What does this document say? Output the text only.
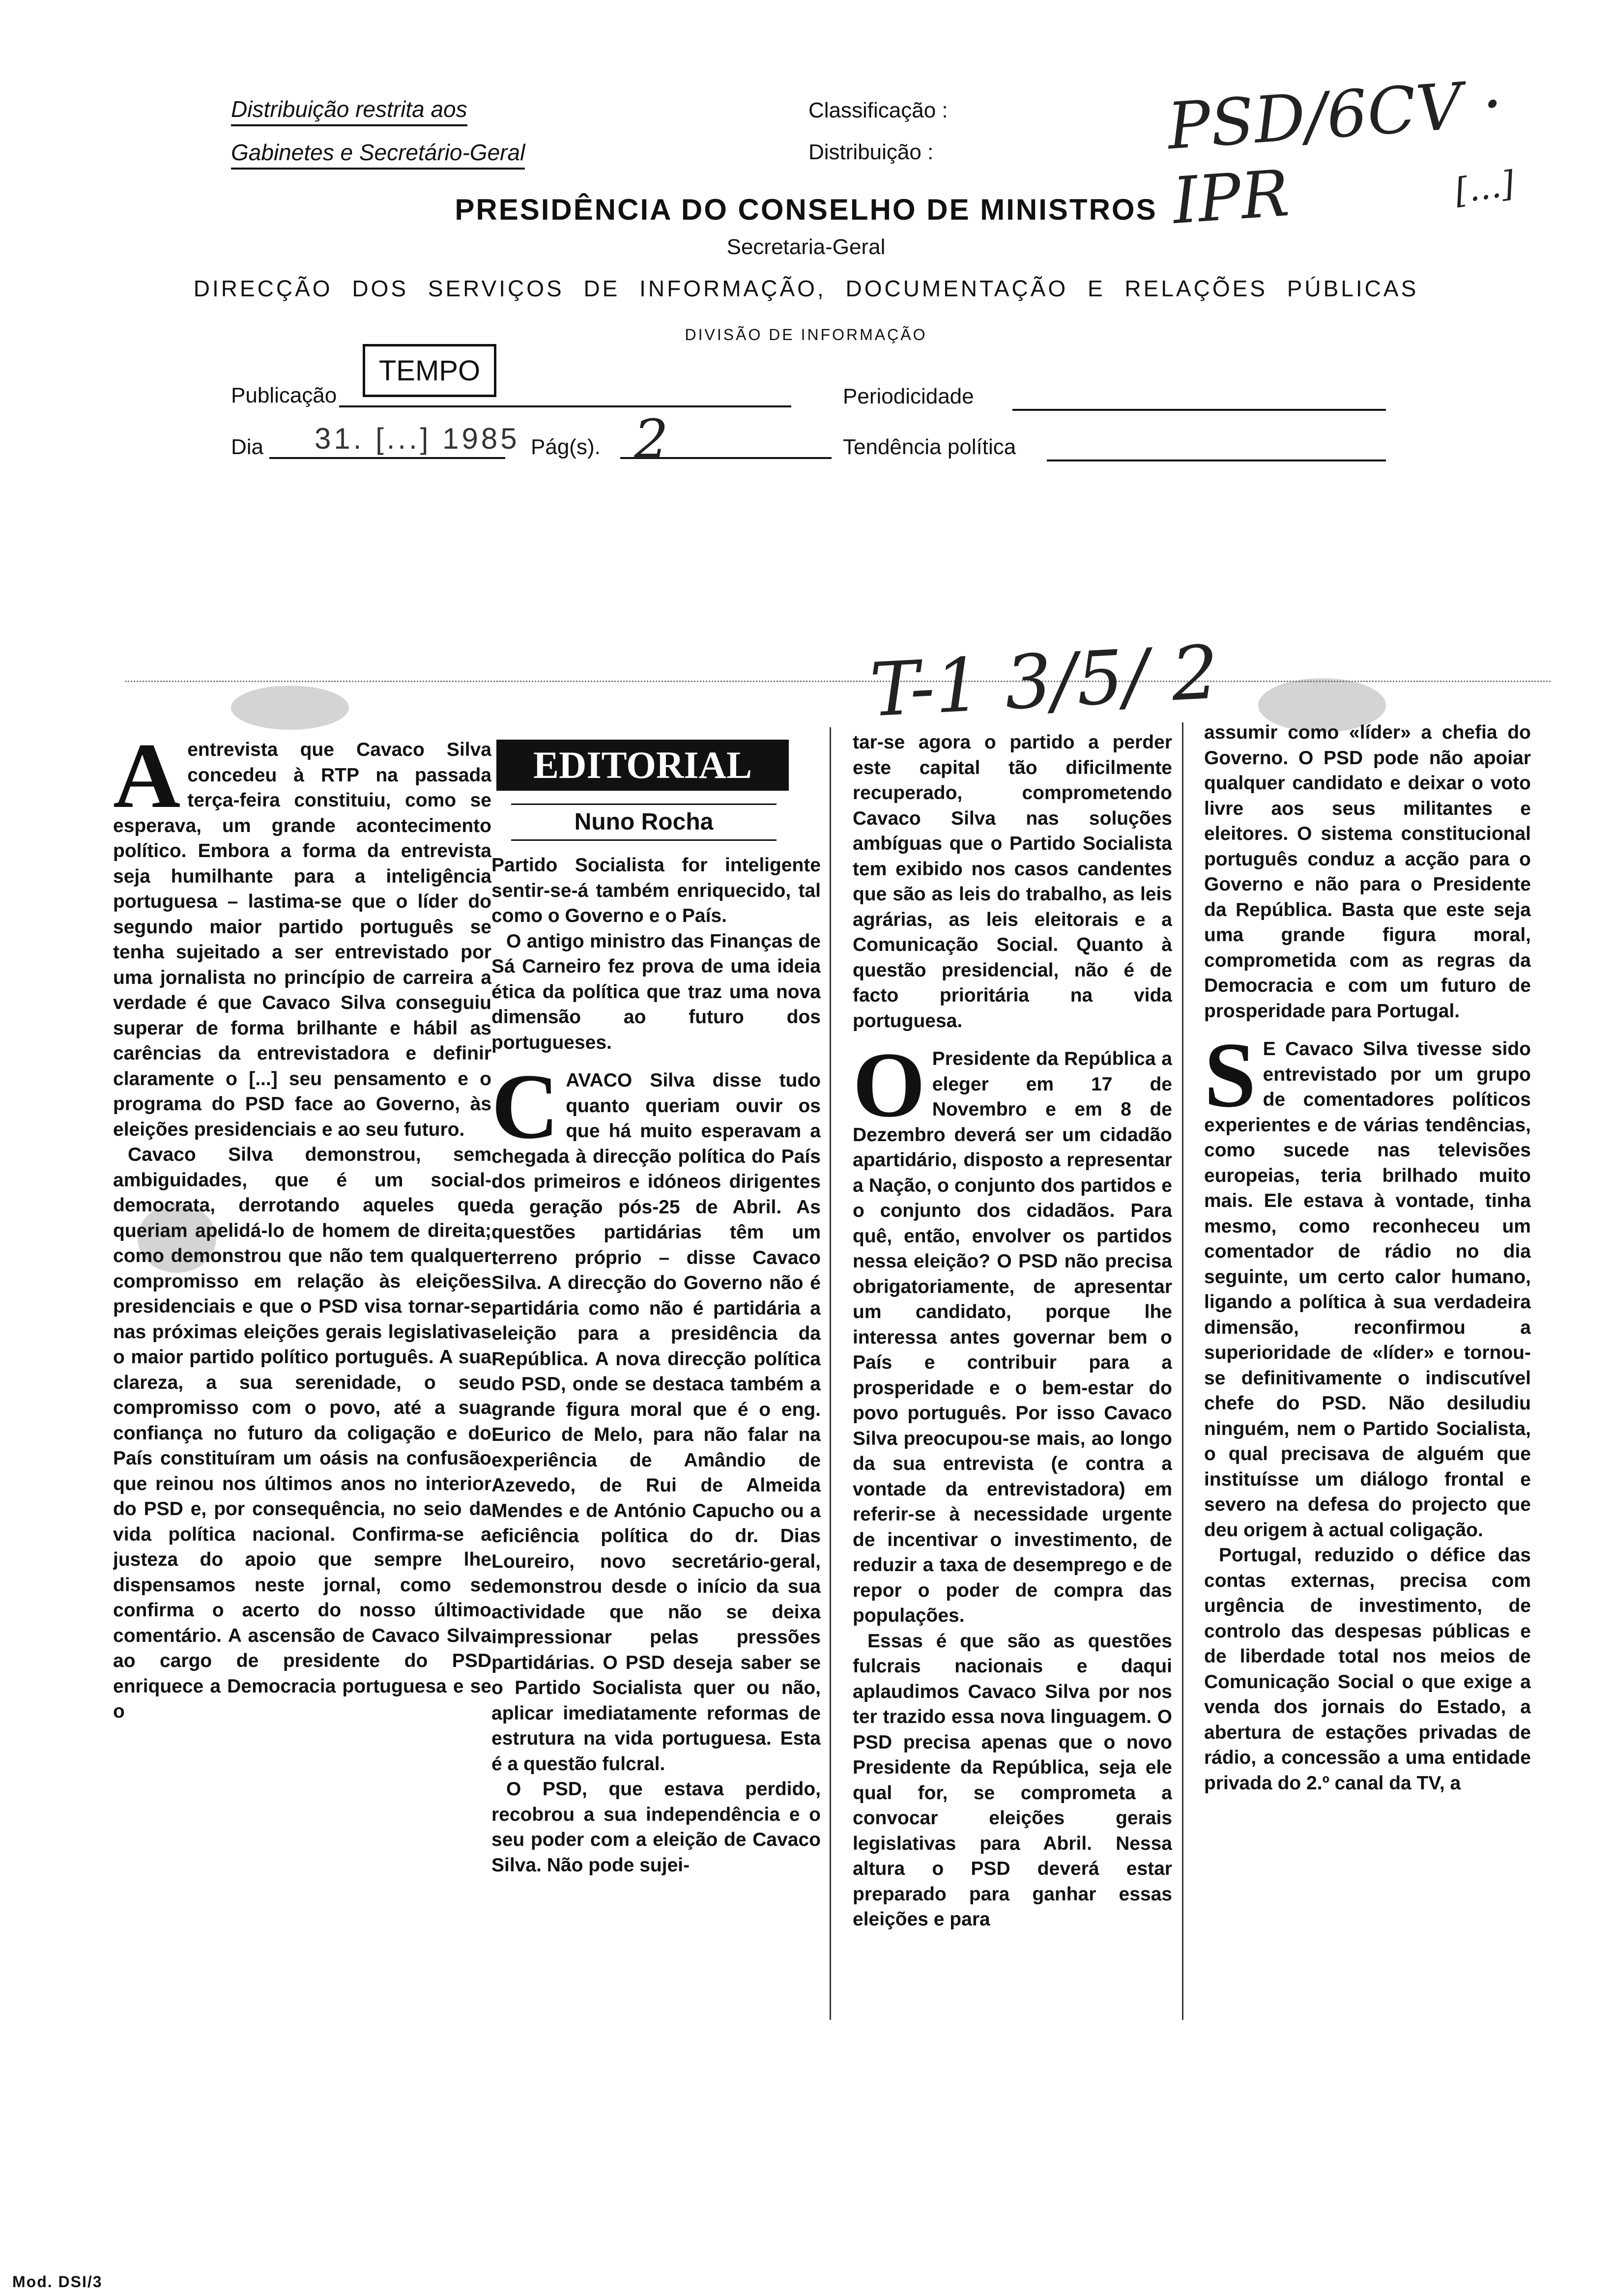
Distribuição restrita aos
Gabinetes e Secretário-Geral
Classificação :
Distribuição :	PSD/6CV · IPR	[...]
PRESIDÊNCIA DO CONSELHO DE MINISTROS
Secretaria-Geral
DIRECÇÃO DOS SERVIÇOS DE INFORMAÇÃO, DOCUMENTAÇÃO E RELAÇÕES PÚBLICAS
DIVISÃO DE INFORMAÇÃO
Publicação
TEMPO
Periodicidade
Dia 31. [...] 1985 Pág(s). 2	Tendência política
T-1 3/5/ 2

Aentrevista que Cavaco Silva concedeu à RTP na passada terça-feira constituiu, como se esperava, um grande acontecimento político. Embora a forma da entrevista seja humilhante para a inteligência portuguesa – lastima-se que o líder do segundo maior partido português se tenha sujeitado a ser entrevistado por uma jornalista no princípio de carreira a verdade é que Cavaco Silva conseguiu superar de forma brilhante e hábil as carências da entrevistadora e definir claramente o [...] seu pensamento e o programa do PSD face ao Governo, às eleições presidenciais e ao seu futuro.

Cavaco Silva demonstrou, sem ambiguidades, que é um social-democrata, derrotando aqueles que queriam apelidá-lo de homem de direita; como demonstrou que não tem qualquer compromisso em relação às eleições presidenciais e que o PSD visa tornar-se nas próximas eleições gerais legislativas o maior partido político português. A sua clareza, a sua serenidade, o seu compromisso com o povo, até a sua confiança no futuro da coligação e do País constituíram um oásis na confusão que reinou nos últimos anos no interior do PSD e, por consequência, no seio da vida política nacional. Confirma-se a justeza do apoio que sempre lhe dispensamos neste jornal, como se confirma o acerto do nosso último comentário. A ascensão de Cavaco Silva ao cargo de presidente do PSD enriquece a Democracia portuguesa e se o

EDITORIAL
Nuno Rocha

Partido Socialista for inteligente sentir-se-á também enriquecido, tal como o Governo e o País.

O antigo ministro das Finanças de Sá Carneiro fez prova de uma ideia ética da política que traz uma nova dimensão ao futuro dos portugueses.

CAVACO Silva disse tudo quanto queriam ouvir os que há muito esperavam a chegada à direcção política do País dos primeiros e idóneos dirigentes da geração pós-25 de Abril. As questões partidárias têm um terreno próprio – disse Cavaco Silva. A direcção do Governo não é partidária como não é partidária a eleição para a presidência da República. A nova direcção política do PSD, onde se destaca também a grande figura moral que é o eng. Eurico de Melo, para não falar na experiência de Amândio de Azevedo, de Rui de Almeida Mendes e de António Capucho ou a eficiência política do dr. Dias Loureiro, novo secretário-geral, demonstrou desde o início da sua actividade que não se deixa impressionar pelas pressões partidárias. O PSD deseja saber se o Partido Socialista quer ou não, aplicar imediatamente reformas de estrutura na vida portuguesa. Esta é a questão fulcral.

O PSD, que estava perdido, recobrou a sua independência e o seu poder com a eleição de Cavaco Silva. Não pode sujei-

tar-se agora o partido a perder este capital tão dificilmente recuperado, comprometendo Cavaco Silva nas soluções ambíguas que o Partido Socialista tem exibido nos casos candentes que são as leis do trabalho, as leis agrárias, as leis eleitorais e a Comunicação Social. Quanto à questão presidencial, não é de facto prioritária na vida portuguesa.

O Presidente da República a eleger em 17 de Novembro e em 8 de Dezembro deverá ser um cidadão apartidário, disposto a representar a Nação, o conjunto dos partidos e o conjunto dos cidadãos. Para quê, então, envolver os partidos nessa eleição? O PSD não precisa obrigatoriamente, de apresentar um candidato, porque lhe interessa antes governar bem o País e contribuir para a prosperidade e o bem-estar do povo português. Por isso Cavaco Silva preocupou-se mais, ao longo da sua entrevista (e contra a vontade da entrevistadora) em referir-se à necessidade urgente de incentivar o investimento, de reduzir a taxa de desemprego e de repor o poder de compra das populações.

Essas é que são as questões fulcrais nacionais e daqui aplaudimos Cavaco Silva por nos ter trazido essa nova linguagem. O PSD precisa apenas que o novo Presidente da República, seja ele qual for, se comprometa a convocar eleições gerais legislativas para Abril. Nessa altura o PSD deverá estar preparado para ganhar essas eleições e para

assumir como «líder» a chefia do Governo. O PSD pode não apoiar qualquer candidato e deixar o voto livre aos seus militantes e eleitores. O sistema constitucional português conduz a acção para o Governo e não para o Presidente da República. Basta que este seja uma grande figura moral, comprometida com as regras da Democracia e com um futuro de prosperidade para Portugal.

S E Cavaco Silva tivesse sido entrevistado por um grupo de comentadores políticos experientes e de várias tendências, como sucede nas televisões europeias, teria brilhado muito mais. Ele estava à vontade, tinha mesmo, como reconheceu um comentador de rádio no dia seguinte, um certo calor humano, ligando a política à sua verdadeira dimensão, reconfirmou a superioridade de «líder» e tornou-se definitivamente o indiscutível chefe do PSD. Não desiludiu ninguém, nem o Partido Socialista, o qual precisava de alguém que instituísse um diálogo frontal e severo na defesa do projecto que deu origem à actual coligação.

Portugal, reduzido o défice das contas externas, precisa com urgência de investimento, de controlo das despesas públicas e de liberdade total nos meios de Comunicação Social o que exige a venda dos jornais do Estado, a abertura de estações privadas de rádio, a concessão a uma entidade privada do 2.º canal da TV, a

Mod. DSI/3
